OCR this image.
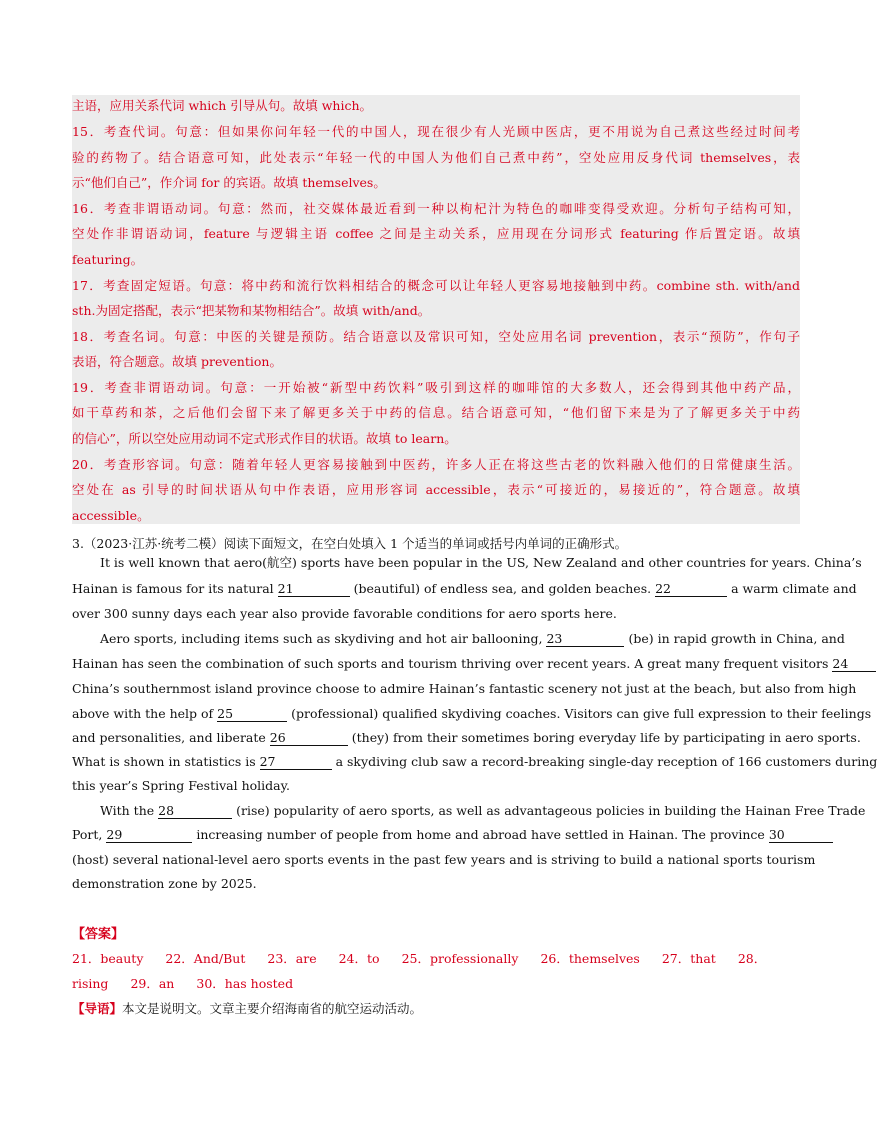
主语，应用关系代词 which 引导从句。故填 which。
15．考查代词。句意：但如果你问年轻一代的中国人，现在很少有人光顾中医店，更不用说为自己煮这些经过时间考
验的药物了。结合语意可知，此处表示“年轻一代的中国人为他们自己煮中药”，空处应用反身代词 themselves，表
示“他们自己”，作介词 for 的宾语。故填 themselves。
16．考查非谓语动词。句意：然而，社交媒体最近看到一种以枸杞汁为特色的咖啡变得受欢迎。分析句子结构可知，
空处作非谓语动词，feature 与逻辑主语 coffee 之间是主动关系，应用现在分词形式 featuring 作后置定语。故填
featuring。
17．考查固定短语。句意：将中药和流行饮料相结合的概念可以让年轻人更容易地接触到中药。combine sth. with/and
sth.为固定搭配，表示“把某物和某物相结合”。故填 with/and。
18．考查名词。句意：中医的关键是预防。结合语意以及常识可知，空处应用名词 prevention，表示“预防”，作句子
表语，符合题意。故填 prevention。
19．考查非谓语动词。句意：一开始被“新型中药饮料”吸引到这样的咖啡馆的大多数人，还会得到其他中药产品，
如干草药和茶，之后他们会留下来了解更多关于中药的信息。结合语意可知，“他们留下来是为了了解更多关于中药
的信心”，所以空处应用动词不定式形式作目的状语。故填 to learn。
20．考查形容词。句意：随着年轻人更容易接触到中医药，许多人正在将这些古老的饮料融入他们的日常健康生活。
空处在 as 引导的时间状语从句中作表语，应用形容词 accessible，表示“可接近的，易接近的”，符合题意。故填
accessible。
3.（2023·江苏·统考二模）阅读下面短文，在空白处填入 1 个适当的单词或括号内单词的正确形式。
It is well known that aero(航空) sports have been popular in the US, New Zealand and other countries for years. China’s
Hainan is famous for its natural 21	(beautiful) of endless sea, and golden beaches. 22	a warm climate and
over 300 sunny days each year also provide favorable conditions for aero sports here.
Aero sports, including items such as skydiving and hot air ballooning, 23	(be) in rapid growth in China, and
Hainan has seen the combination of such sports and tourism thriving over recent years. A great many frequent visitors 24
China’s southernmost island province choose to admire Hainan’s fantastic scenery not just at the beach, but also from high
above with the help of 25	(professional) qualified skydiving coaches. Visitors can give full expression to their feelings
and personalities, and liberate 26	(they) from their sometimes boring everyday life by participating in aero sports.
What is shown in statistics is 27	a skydiving club saw a record-breaking single-day reception of 166 customers during
this year’s Spring Festival holiday.
With the 28	(rise) popularity of aero sports, as well as advantageous policies in building the Hainan Free Trade
Port, 29	increasing number of people from home and abroad have settled in Hainan. The province 30
(host) several national-level aero sports events in the past few years and is striving to build a national sports tourism
demonstration zone by 2025.
【答案】
21．beauty 22．And/But 23．are 24．to 25．professionally 26．themselves 27．that 28．
rising 29．an 30．has hosted
【导语】本文是说明文。文章主要介绍海南省的航空运动活动。
